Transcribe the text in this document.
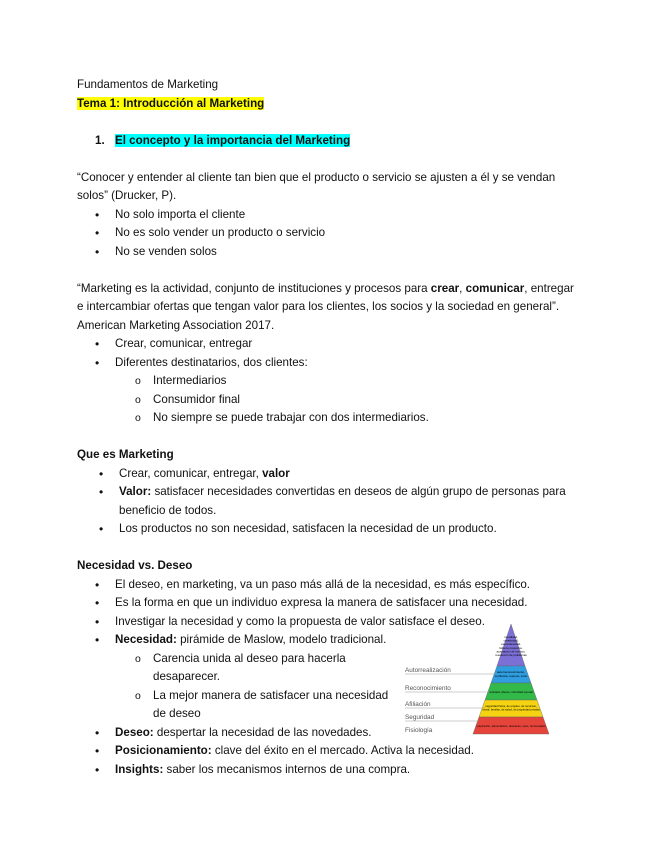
Fundamentos de Marketing

Tema 1: Introducción al Marketing

1. El concepto y la importancia del Marketing

“Conocer y entender al cliente tan bien que el producto o servicio se ajusten a él y se vendan

solos” (Drucker, P).

• No solo importa el cliente
• No es solo vender un producto o servicio
• No se venden solos

“Marketing es la actividad, conjunto de instituciones y procesos para crear, comunicar, entregar

e intercambiar ofertas que tengan valor para los clientes, los socios y la sociedad en general”.

American Marketing Association 2017.

• Crear, comunicar, entregar
• Diferentes destinatarios, dos clientes:
o Intermediarios
o Consumidor final
o No siempre se puede trabajar con dos intermediarios.

Que es Marketing

• Crear, comunicar, entregar, valor
• Valor: satisfacer necesidades convertidas en deseos de algún grupo de personas para
beneficio de todos.
• Los productos no son necesidad, satisfacen la necesidad de un producto.

Necesidad vs. Deseo

• El deseo, en marketing, va un paso más allá de la necesidad, es más específico.
• Es la forma en que un individuo expresa la manera de satisfacer una necesidad.
• Investigar la necesidad y como la propuesta de valor satisface el deseo.
• Necesidad: pirámide de Maslow, modelo tradicional.
o Carencia unida al deseo para hacerla
desaparecer.
o La mejor manera de satisfacer una necesidad
de deseo
• Deseo: despertar la necesidad de las novedades.
• Posicionamiento: clave del éxito en el mercado. Activa la necesidad.
• Insights: saber los mecanismos internos de una compra.
Autorrealización
Reconocimiento
Afiliación
Seguridad
Fisiología
moralidad, creatividad, espontaneidad, falta de prejuicios, aceptación de hechos, resolución de problemas
autorreconocimiento, confianza, respeto, éxito
amistad, afecto, intimidad sexual
seguridad física, de empleo, de recursos, moral, familiar, de salud, de propiedad privada
respiración, alimentación, descanso, sexo, homeostasis
